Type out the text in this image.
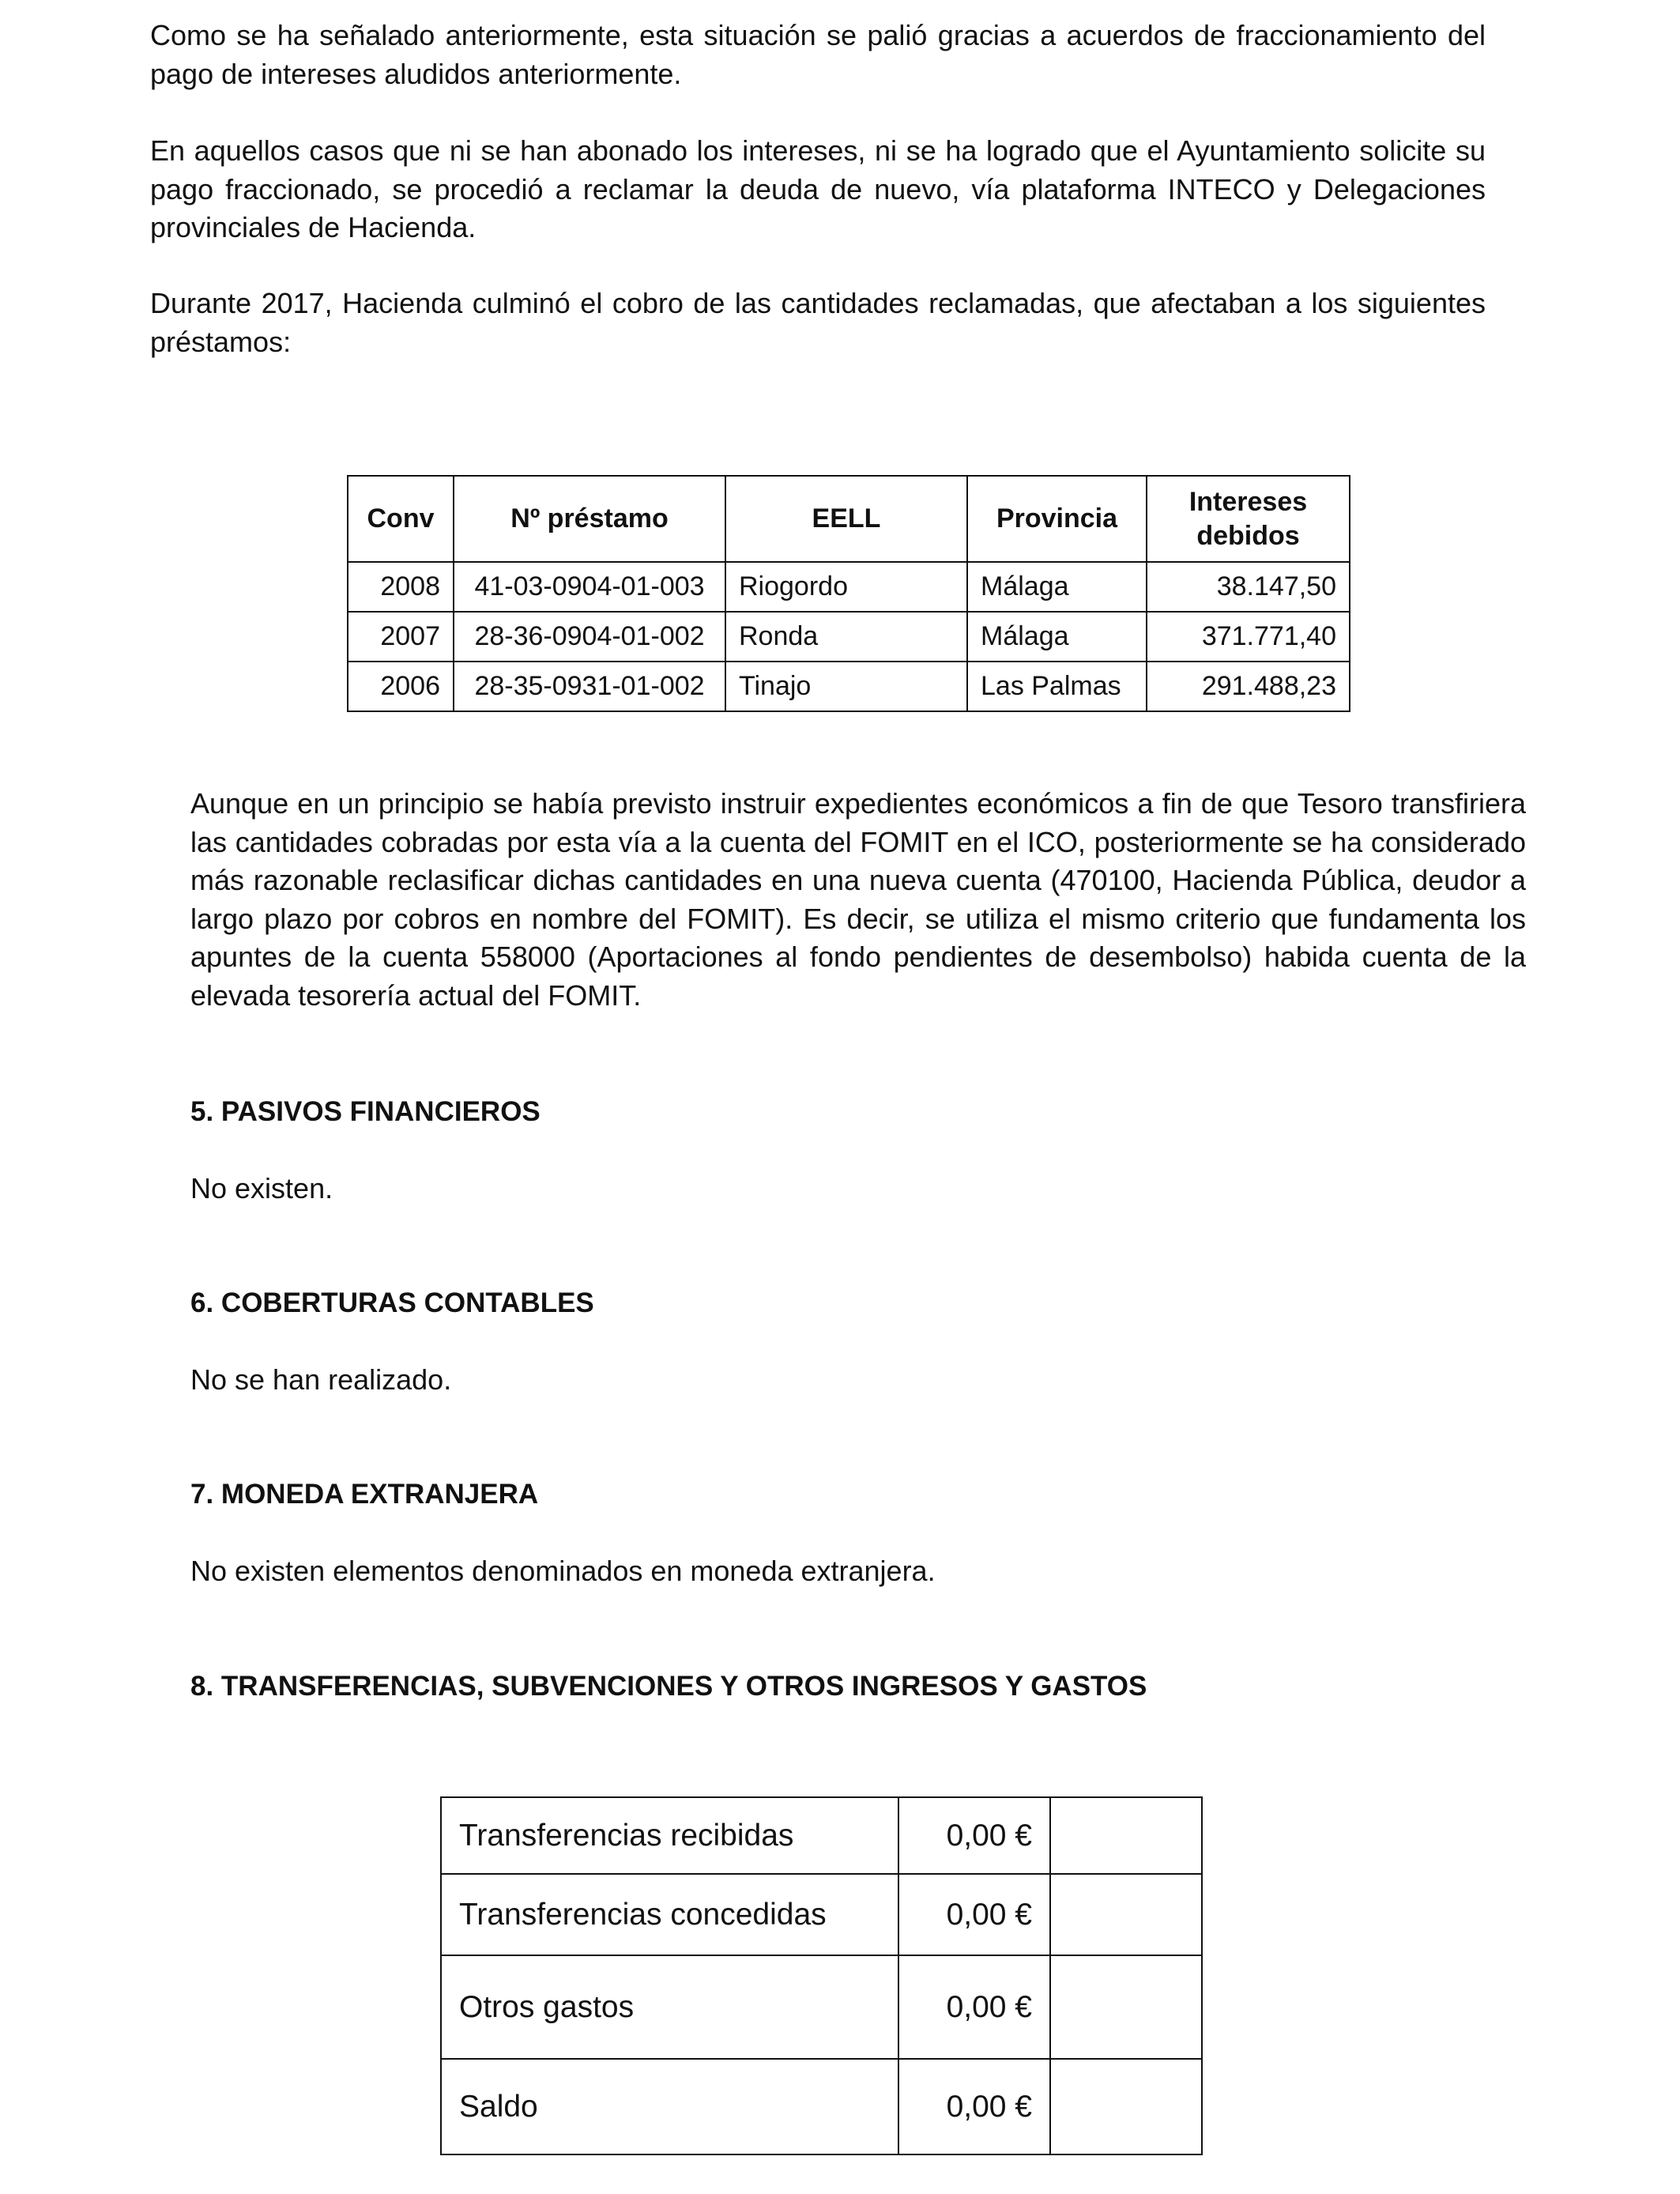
Como se ha señalado anteriormente, esta situación se palió gracias a acuerdos de fraccionamiento del pago de intereses aludidos anteriormente.

En aquellos casos que ni se han abonado los intereses, ni se ha logrado que el Ayuntamiento solicite su pago fraccionado, se procedió a reclamar la deuda de nuevo, vía plataforma INTECO y Delegaciones provinciales de Hacienda.

Durante 2017, Hacienda culminó el cobro de las cantidades reclamadas, que afectaban a los siguientes préstamos:

Conv	Nº préstamo	EELL	Provincia	Intereses
debidos
2008	41-03-0904-01-003	Riogordo	Málaga	38.147,50
2007	28-36-0904-01-002	Ronda	Málaga	371.771,40
2006	28-35-0931-01-002	Tinajo	Las Palmas	291.488,23

Aunque en un principio se había previsto instruir expedientes económicos a fin de que Tesoro transfiriera las cantidades cobradas por esta vía a la cuenta del FOMIT en el ICO, posteriormente se ha considerado más razonable reclasificar dichas cantidades en una nueva cuenta (470100, Hacienda Pública, deudor a largo plazo por cobros en nombre del FOMIT). Es decir, se utiliza el mismo criterio que fundamenta los apuntes de la cuenta 558000 (Aportaciones al fondo pendientes de desembolso) habida cuenta de la elevada tesorería actual del FOMIT.

5. PASIVOS FINANCIEROS

No existen.

6. COBERTURAS CONTABLES

No se han realizado.

7. MONEDA EXTRANJERA

No existen elementos denominados en moneda extranjera.

8. TRANSFERENCIAS, SUBVENCIONES Y OTROS INGRESOS Y GASTOS
Transferencias recibidas	0,00 €	
Transferencias concedidas	0,00 €	
Otros gastos	0,00 €	
Saldo	0,00 €	
